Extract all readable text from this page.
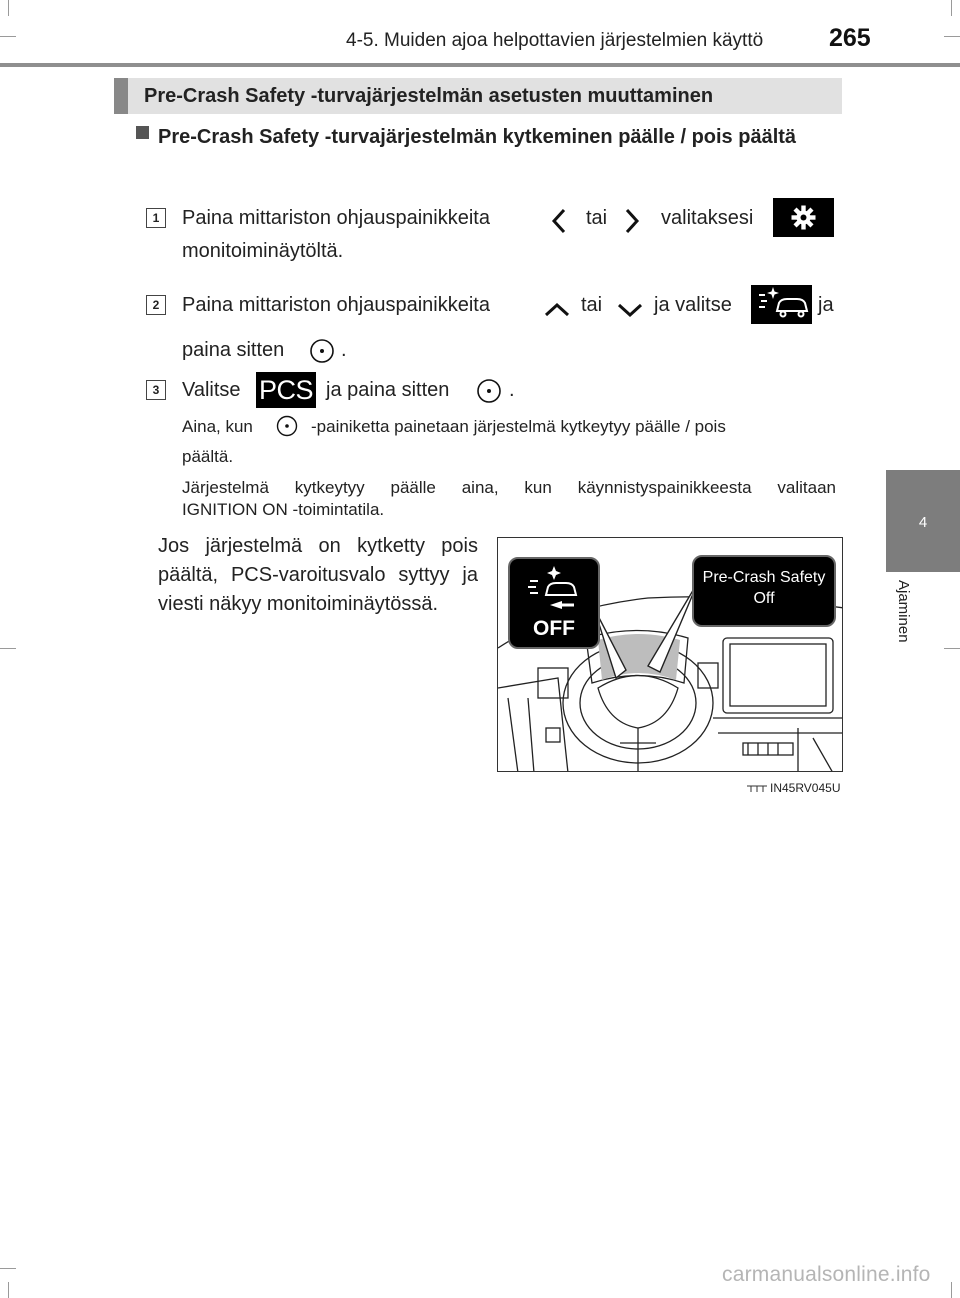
4-5. Muiden ajoa helpottavien järjestelmien käyttö	265
4
Ajaminen
Pre-Crash Safety -turvajärjestelmän asetusten muuttaminen
Pre-Crash Safety -turvajärjestelmän kytkeminen päälle / pois päältä
1	Paina mittariston ohjauspainikkeita	tai	valitaksesi
monitoiminäytöltä.
2	Paina mittariston ohjauspainikkeita	tai	ja valitse	ja
paina sitten	.
3	Valitse PCS ja paina sitten	.
Aina, kun	-painiketta painetaan järjestelmä kytkeytyy päälle / pois
päältä.
Järjestelmä kytkeytyy päälle aina, kun käynnistyspainikkeesta valitaan
IGNITION ON -toimintatila.
Jos järjestelmä on kytketty pois päältä, PCS-varoitusvalo syttyy ja viesti näkyy monitoiminäytössä.
OFF
Pre-Crash Safety
Off
IN45RV045U
carmanualsonline.info
